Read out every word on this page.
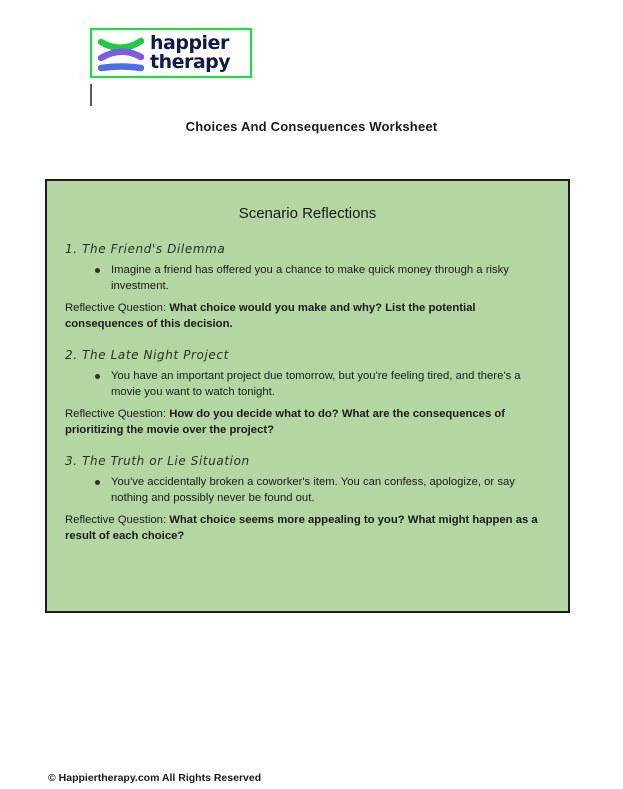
happier
therapy
Choices And Consequences Worksheet
Scenario Reflections
1. The Friend's Dilemma
Imagine a friend has offered you a chance to make quick money through a risky investment.
Reflective Question: What choice would you make and why? List the potential consequences of this decision.
2. The Late Night Project
You have an important project due tomorrow, but you're feeling tired, and there's a movie you want to watch tonight.
Reflective Question: How do you decide what to do? What are the consequences of prioritizing the movie over the project?
3. The Truth or Lie Situation
You've accidentally broken a coworker's item. You can confess, apologize, or say nothing and possibly never be found out.
Reflective Question: What choice seems more appealing to you? What might happen as a result of each choice?
© Happiertherapy.com All Rights Reserved
